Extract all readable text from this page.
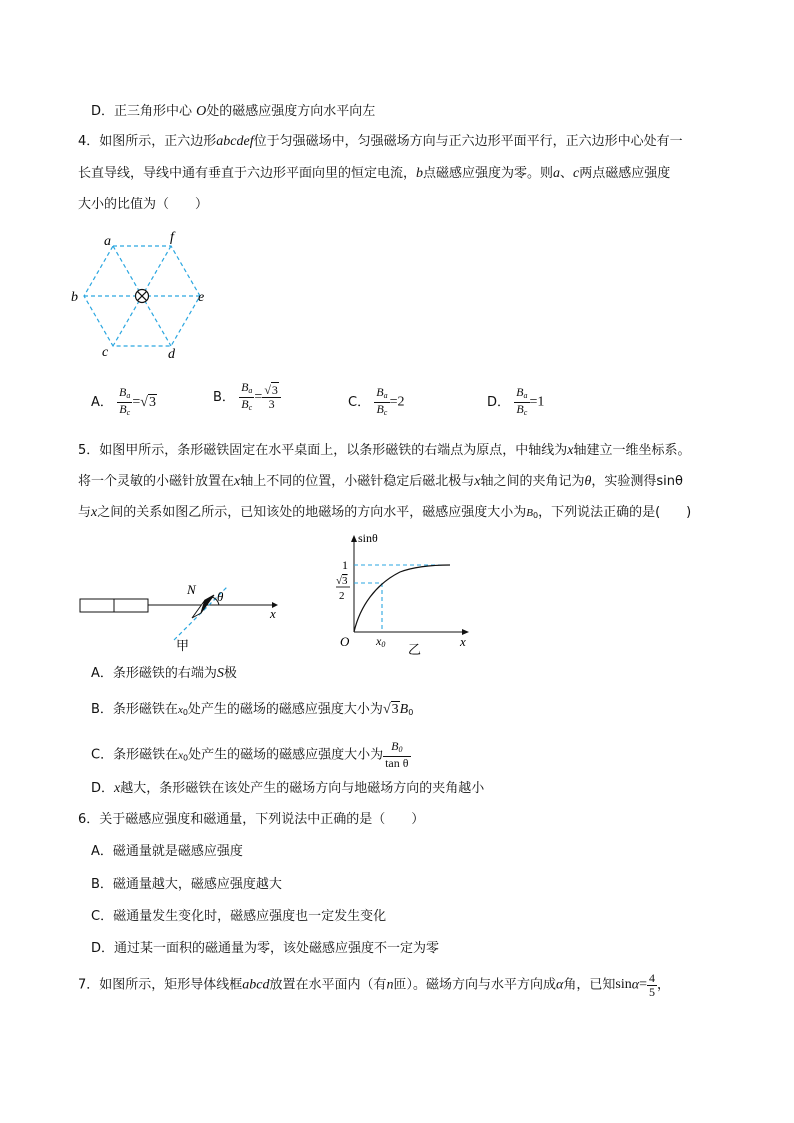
D．正三角形中心 O处的磁感应强度方向水平向左
4．如图所示，正六边形abcdef位于匀强磁场中，匀强磁场方向与正六边形平面平行，正六边形中心处有一
长直导线，导线中通有垂直于六边形平面向里的恒定电流，b点磁感应强度为零。则a、c两点磁感应强度
大小的比值为（　　）
a	f
b	e
c	d
A． $\frac{B_a}{B_c} =√3$	B． $\frac{B_a}{B_c} = \frac{√3}{3}$	C． $\frac{B_a}{B_c} =2$	D． $\frac{B_a}{B_c} =1$
5．如图甲所示，条形磁铁固定在水平桌面上，以条形磁铁的右端点为原点，中轴线为x轴建立一维坐标系。
将一个灵敏的小磁针放置在x轴上不同的位置，小磁针稳定后磁北极与x轴之间的夹角记为θ，实验测得sinθ
与x之间的关系如图乙所示，已知该处的地磁场的方向水平，磁感应强度大小为$B_0$，下列说法正确的是(　　)
N θ
x
甲
sinθ
1
√3
2
O x0	x
乙
A．条形磁铁的右端为S极
B．条形磁铁在$x_0$处产生的磁场的磁感应强度大小为$√3B_0$
C．条形磁铁在$x_0$处产生的磁场的磁感应强度大小为 $\frac{B_0}{\text{tan θ}}$
D．x越大，条形磁铁在该处产生的磁场方向与地磁场方向的夹角越小
6．关于磁感应强度和磁通量，下列说法中正确的是（　　）
A．磁通量就是磁感应强度
B．磁通量越大，磁感应强度越大
C．磁通量发生变化时，磁感应强度也一定发生变化
D．通过某一面积的磁通量为零，该处磁感应强度不一定为零
7．如图所示，矩形导体线框abcd放置在水平面内（有n匝）。磁场方向与水平方向成α角，已知$\sin\alpha= \frac{4}{5}$ ，
